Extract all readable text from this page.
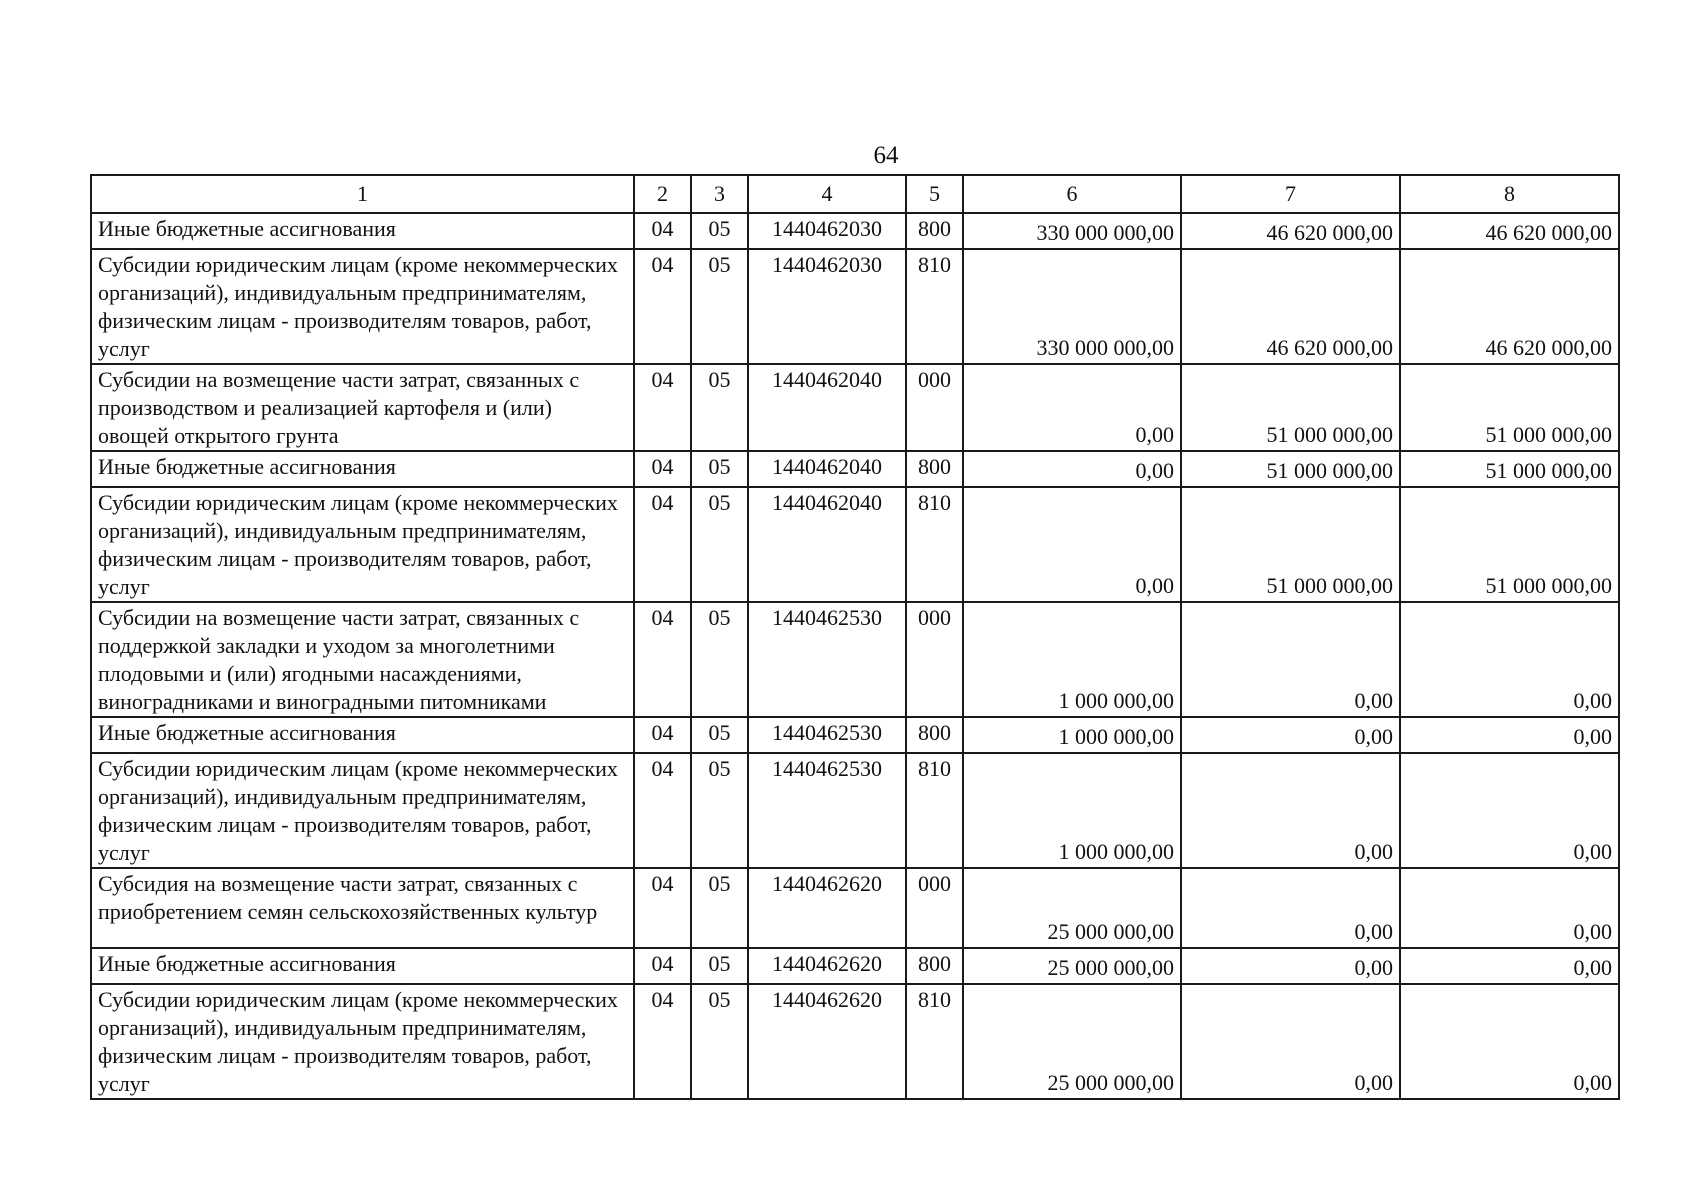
64
1	2	3	4	5	6	7	8
Иные бюджетные ассигнования	04	05	1440462030	800	330 000 000,00	46 620 000,00	46 620 000,00
Субсидии юридическим лицам (кроме некоммерческих организаций), индивидуальным предпринимателям, физическим лицам - производителям товаров, работ, услуг	04	05	1440462030	810	330 000 000,00	46 620 000,00	46 620 000,00
Субсидии на возмещение части затрат, связанных с производством и реализацией картофеля и (или) овощей открытого грунта	04	05	1440462040	000	0,00	51 000 000,00	51 000 000,00
Иные бюджетные ассигнования	04	05	1440462040	800	0,00	51 000 000,00	51 000 000,00
Субсидии юридическим лицам (кроме некоммерческих организаций), индивидуальным предпринимателям, физическим лицам - производителям товаров, работ, услуг	04	05	1440462040	810	0,00	51 000 000,00	51 000 000,00
Субсидии на возмещение части затрат, связанных с поддержкой закладки и уходом за многолетними плодовыми и (или) ягодными насаждениями, виноградниками и виноградными питомниками	04	05	1440462530	000	1 000 000,00	0,00	0,00
Иные бюджетные ассигнования	04	05	1440462530	800	1 000 000,00	0,00	0,00
Субсидии юридическим лицам (кроме некоммерческих организаций), индивидуальным предпринимателям, физическим лицам - производителям товаров, работ, услуг	04	05	1440462530	810	1 000 000,00	0,00	0,00
Субсидия на возмещение части затрат, связанных с приобретением семян сельскохозяйственных культур	04	05	1440462620	000	25 000 000,00	0,00	0,00
Иные бюджетные ассигнования	04	05	1440462620	800	25 000 000,00	0,00	0,00
Субсидии юридическим лицам (кроме некоммерческих организаций), индивидуальным предпринимателям, физическим лицам - производителям товаров, работ, услуг	04	05	1440462620	810	25 000 000,00	0,00	0,00
